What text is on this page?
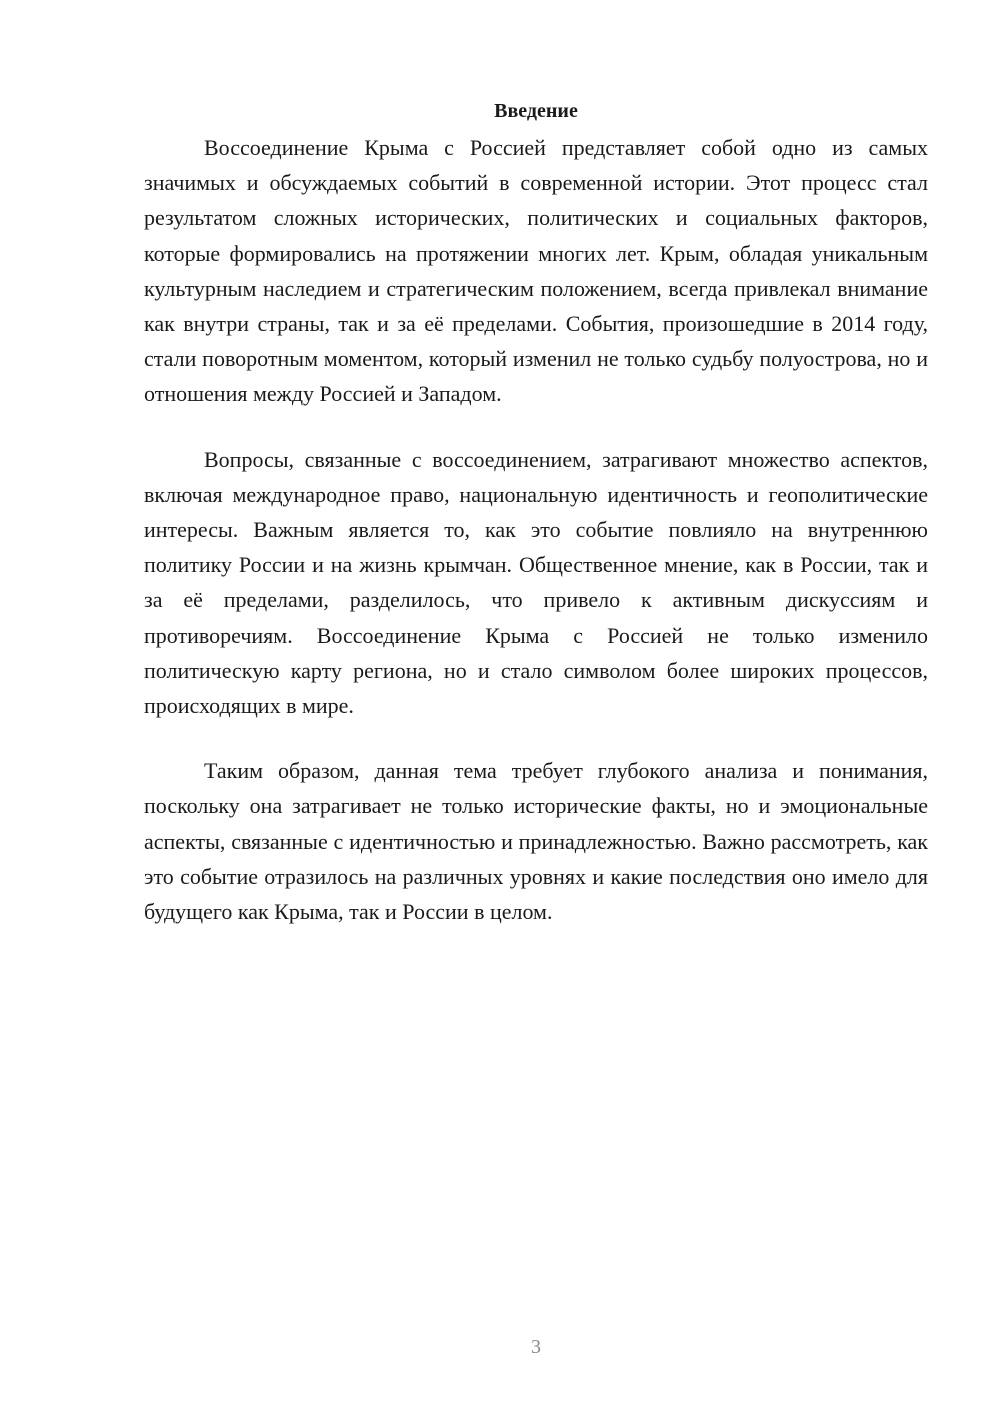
Введение

Воссоединение Крыма с Россией представляет собой одно из самых значимых и обсуждаемых событий в современной истории. Этот процесс стал результатом сложных исторических, политических и социальных факторов, которые формировались на протяжении многих лет. Крым, обладая уникальным культурным наследием и стратегическим положением, всегда привлекал внимание как внутри страны, так и за её пределами. События, произошедшие в 2014 году, стали поворотным моментом, который изменил не только судьбу полуострова, но и отношения между Россией и Западом.

Вопросы, связанные с воссоединением, затрагивают множество аспектов, включая международное право, национальную идентичность и геополитические интересы. Важным является то, как это событие повлияло на внутреннюю политику России и на жизнь крымчан. Общественное мнение, как в России, так и за её пределами, разделилось, что привело к активным дискуссиям и противоречиям. Воссоединение Крыма с Россией не только изменило политическую карту региона, но и стало символом более широких процессов, происходящих в мире.

Таким образом, данная тема требует глубокого анализа и понимания, поскольку она затрагивает не только исторические факты, но и эмоциональные аспекты, связанные с идентичностью и принадлежностью. Важно рассмотреть, как это событие отразилось на различных уровнях и какие последствия оно имело для будущего как Крыма, так и России в целом.

3
